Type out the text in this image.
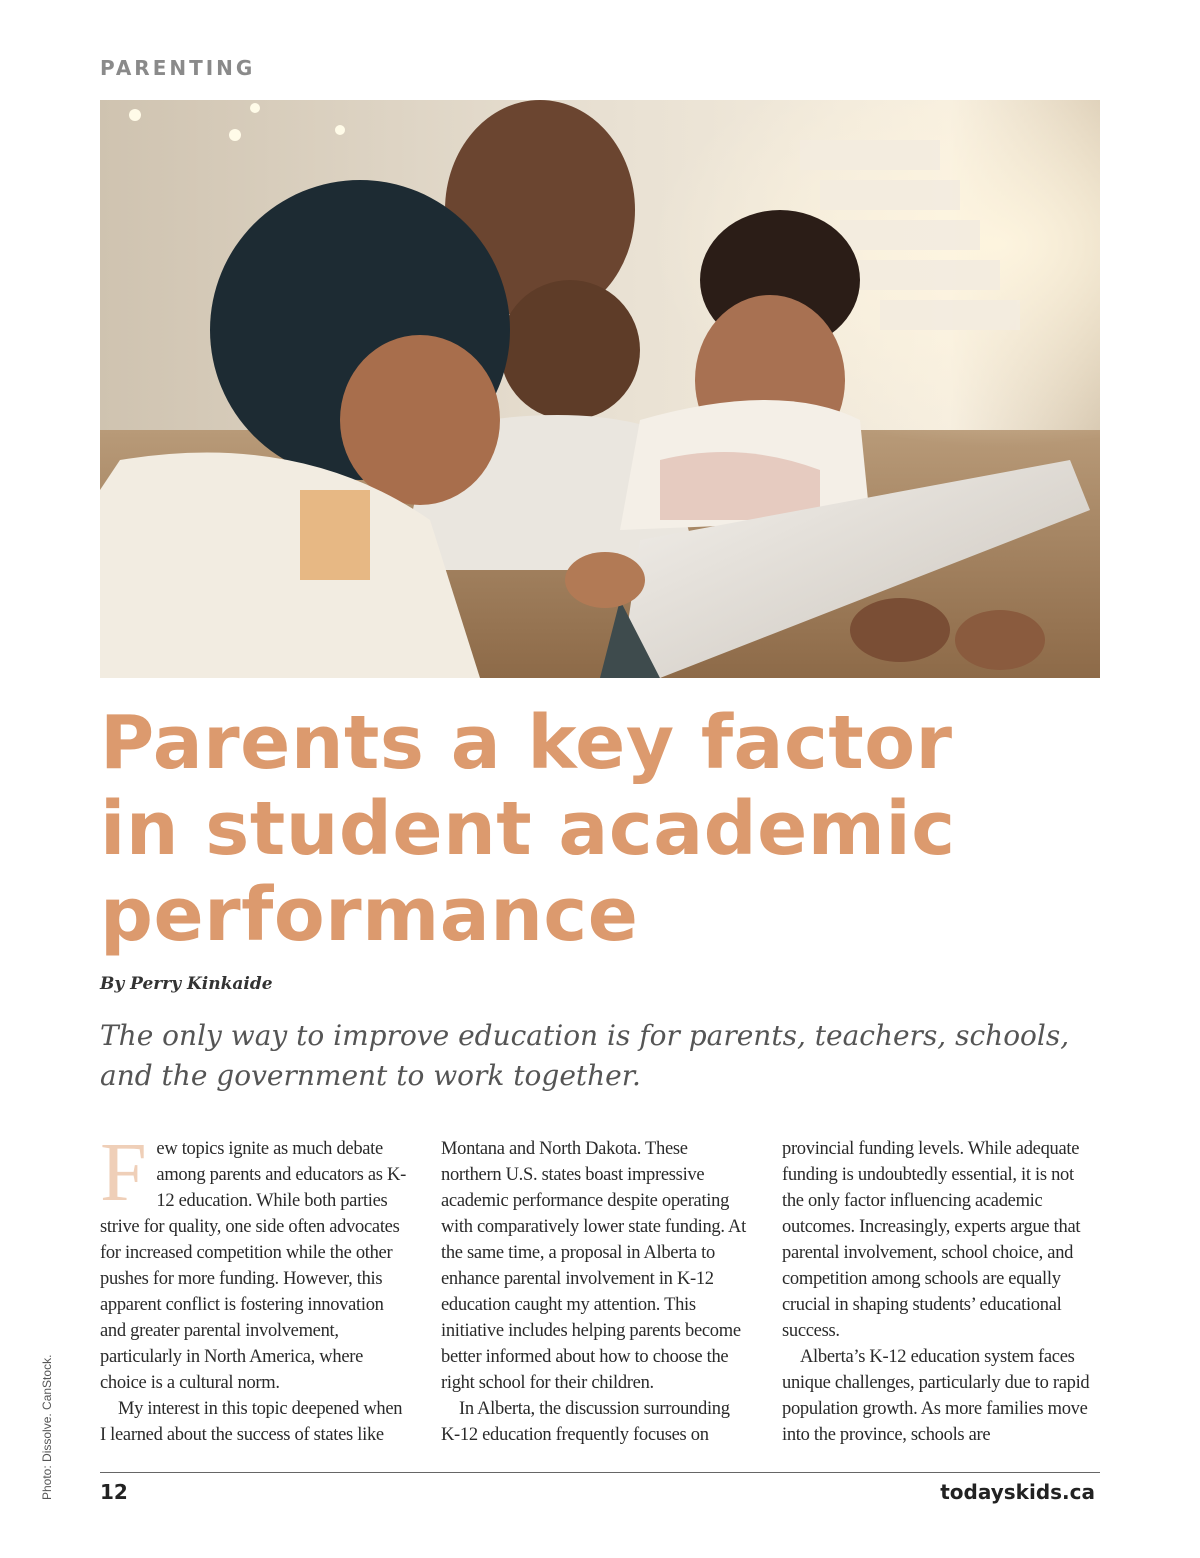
PARENTING
Parents a key factor
in student academic
performance
By Perry Kinkaide
The only way to improve education is for parents, teachers, schools, and the government to work together.

Few topics ignite as much debate among parents and educators as K-12 education. While both parties strive for quality, one side often advocates for increased competition while the other pushes for more funding. However, this apparent conflict is fostering innovation and greater parental involvement, particularly in North America, where choice is a cultural norm.

My interest in this topic deepened when I learned about the success of states like

Montana and North Dakota. These northern U.S. states boast impressive academic performance despite operating with comparatively lower state funding. At the same time, a proposal in Alberta to enhance parental involvement in K-12 education caught my attention. This initiative includes helping parents become better informed about how to choose the right school for their children.

In Alberta, the discussion surrounding K-12 education frequently focuses on

provincial funding levels. While adequate funding is undoubtedly essential, it is not the only factor influencing academic outcomes. Increasingly, experts argue that parental involvement, school choice, and competition among schools are equally crucial in shaping students’ educational success.

Alberta’s K-12 education system faces unique challenges, particularly due to rapid population growth. As more families move into the province, schools are

Photo: Dissolve. CanStock. 12	todayskids.ca
